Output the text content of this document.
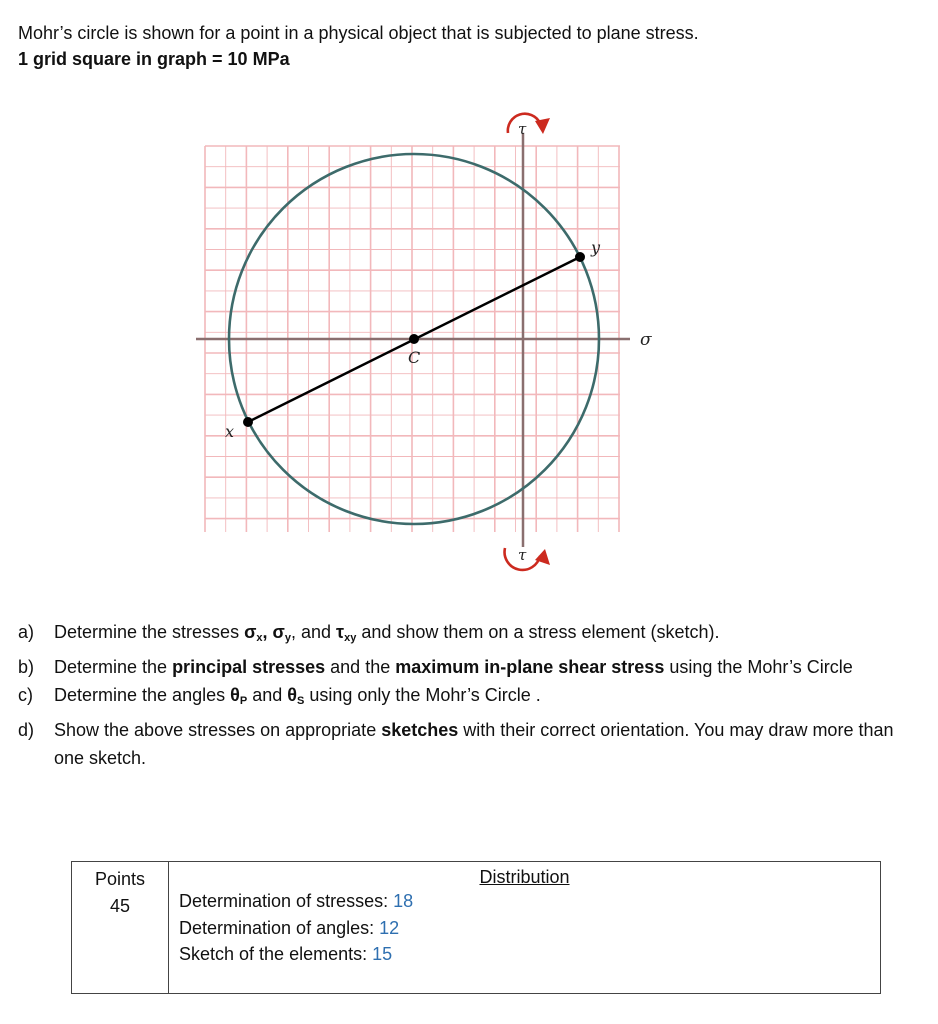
Mohr’s circle is shown for a point in a physical object that is subjected to plane stress.
1 grid square in graph = 10 MPa
τ
τ
σ
C
x
y
a)	Determine the stresses $\sigma_x$, $\sigma_y$, and $\tau_{xy}$ and show them on a stress element (sketch).
b)	Determine the principal stresses and the maximum in-plane shear stress using the Mohr’s Circle
c)	Determine the angles $\theta_P$ and $\theta_S$ using only the Mohr’s Circle .
d)	Show the above stresses on appropriate sketches with their correct orientation. You may draw more than one sketch.
Points
45

Distribution
Determination of stresses: 18
Determination of angles: 12
Sketch of the elements: 15
